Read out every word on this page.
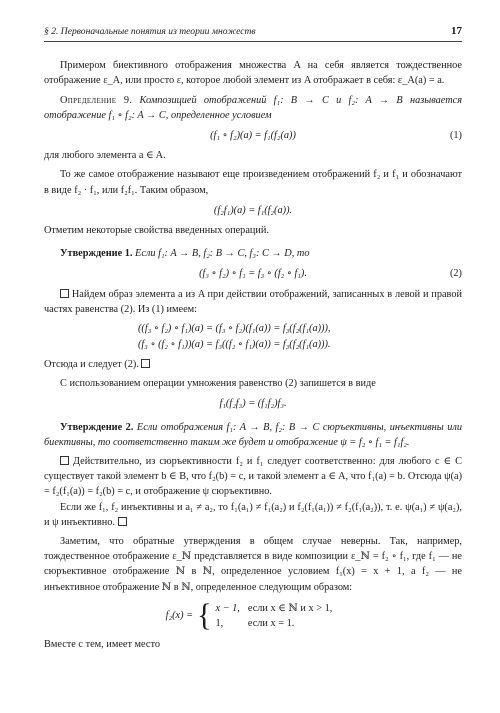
§ 2. Первоначальные понятия из теории множеств	17

Примером биективного отображения множества A на себя является тождественное отображение ε_A, или просто ε, которое любой элемент из A отображает в себя: ε_A(a) = a.

Определение 9. Композицией отображений f₁: B → C и f₂: A → B называется отображение f₁ ∘ f₂: A → C, определенное условием

(f₁ ∘ f₂)(a) = f₁(f₂(a))	(1)

для любого элемента a ∈ A.

То же самое отображение называют еще произведением отображений f₂ и f₁ и обозначают в виде f₂ · f₁, или f₂f₁. Таким образом,

(f₂f₁)(a) = f₁(f₂(a)).

Отметим некоторые свойства введенных операций.

Утверждение 1. Если f₁: A → B, f₂: B → C, f₃: C → D, то

(f₃ ∘ f₂) ∘ f₁ = f₃ ∘ (f₂ ∘ f₁).	(2)

Найдем образ элемента a из A при действии отображений, записанных в левой и правой частях равенства (2). Из (1) имеем:

((f₃ ∘ f₂) ∘ f₁)(a) = (f₃ ∘ f₂)(f₁(a)) = f₃(f₂(f₁(a))),
(f₃ ∘ (f₂ ∘ f₁))(a) = f₃((f₂ ∘ f₁)(a)) = f₃(f₂(f₁(a))).

Отсюда и следует (2).

С использованием операции умножения равенство (2) запишется в виде

f₁(f₂f₃) = (f₁f₂)f₃.

Утверждение 2. Если отображения f₁: A → B, f₂: B → C сюръективны, инъективны или биективны, то соответственно таким же будет и отображение ψ = f₂ ∘ f₁ = f₁f₂.

Действительно, из сюръективности f₂ и f₁ следует соответственно: для любого c ∈ C существует такой элемент b ∈ B, что f₂(b) = c, и такой элемент a ∈ A, что f₁(a) = b. Отсюда ψ(a) = f₂(f₁(a)) = f₂(b) = c, и отображение ψ сюръективно.

Если же f₁, f₂ инъективны и a₁ ≠ a₂, то f₁(a₁) ≠ f₁(a₂) и f₂(f₁(a₁)) ≠ f₂(f₁(a₂)), т. е. ψ(a₁) ≠ ψ(a₂), и ψ инъективно.

Заметим, что обратные утверждения в общем случае неверны. Так, например, тождественное отображение ε_ℕ представляется в виде композиции ε_ℕ = f₂ ∘ f₁, где f₁ — не сюръективное отображение ℕ в ℕ, определенное условием f₁(x) = x + 1, а f₂ — не инъективное отображение ℕ в ℕ, определенное следующим образом:

f₂(x) = { x − 1,	если x ∈ ℕ и x > 1,
1,	если x = 1.

Вместе с тем, имеет место
